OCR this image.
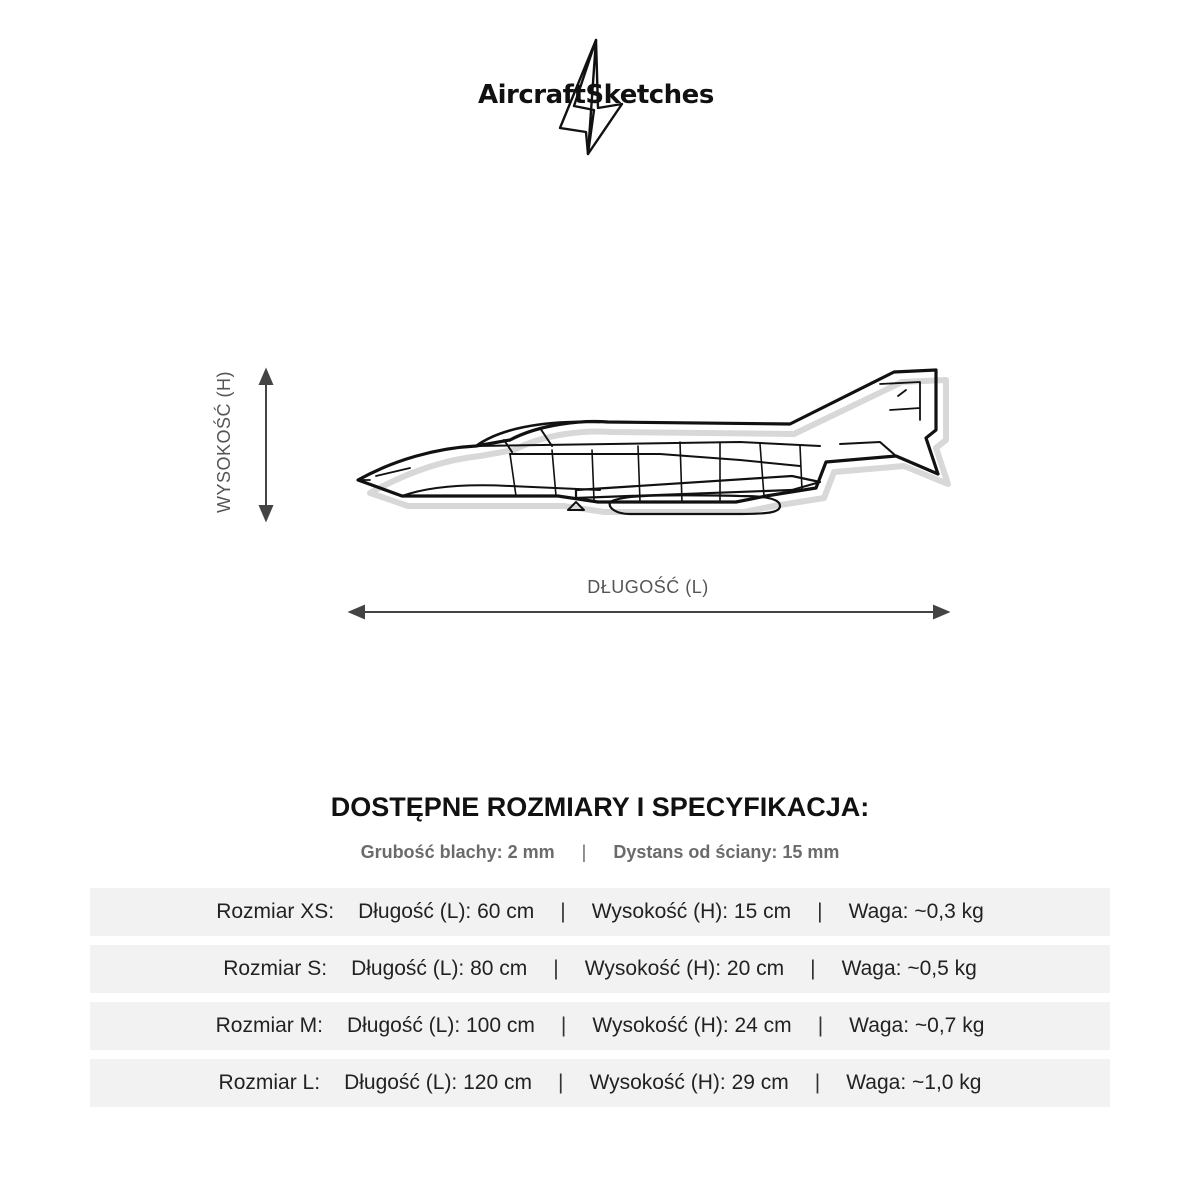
AircraftSketches
WYSOKOŚĆ (H)
DŁUGOŚĆ (L)
DOSTĘPNE ROZMIARY I SPECYFIKACJA:
Grubość blachy: 2 mm | Dystans od ściany: 15 mm
Rozmiar XS: Długość (L): 60 cm | Wysokość (H): 15 cm | Waga: ~0,3 kg
Rozmiar S: Długość (L): 80 cm | Wysokość (H): 20 cm | Waga: ~0,5 kg
Rozmiar M: Długość (L): 100 cm | Wysokość (H): 24 cm | Waga: ~0,7 kg
Rozmiar L: Długość (L): 120 cm | Wysokość (H): 29 cm | Waga: ~1,0 kg
